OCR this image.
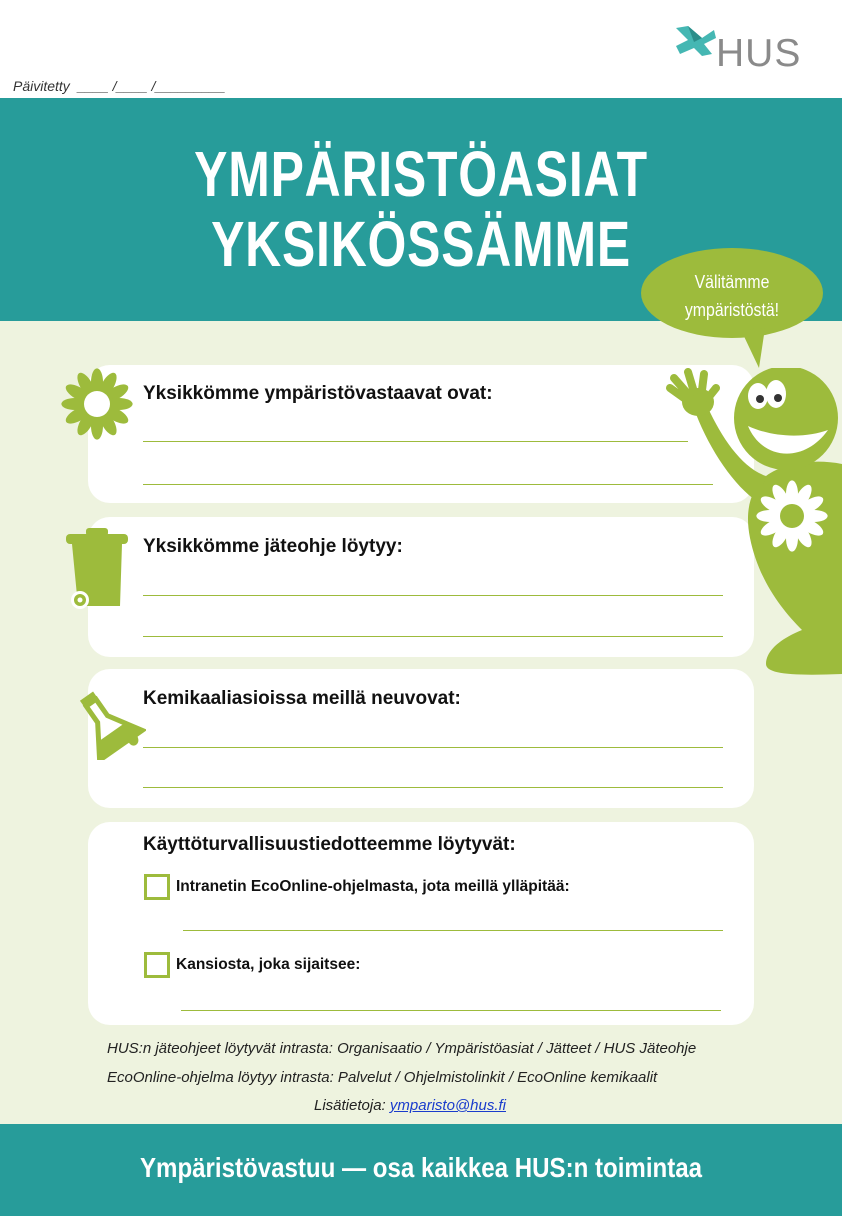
Päivitetty  ____ /____ /_________
HUS
YMPÄRISTÖASIAT
YKSIKÖSSÄMME
Yksikkömme ympäristövastaavat ovat:
Yksikkömme jäteohje löytyy:
Kemikaaliasioissa meillä neuvovat:
Käyttöturvallisuustiedotteemme löytyvät:
Intranetin EcoOnline-ohjelmasta, jota meillä ylläpitää:
Kansiosta, joka sijaitsee:
Välitämme
ympäristöstä!
HUS:n jäteohjeet löytyvät intrasta: Organisaatio / Ympäristöasiat / Jätteet / HUS Jäteohje
EcoOnline-ohjelma löytyy intrasta: Palvelut / Ohjelmistolinkit / EcoOnline kemikaalit
Lisätietoja: ymparisto@hus.fi
Ympäristövastuu — osa kaikkea HUS:n toimintaa
